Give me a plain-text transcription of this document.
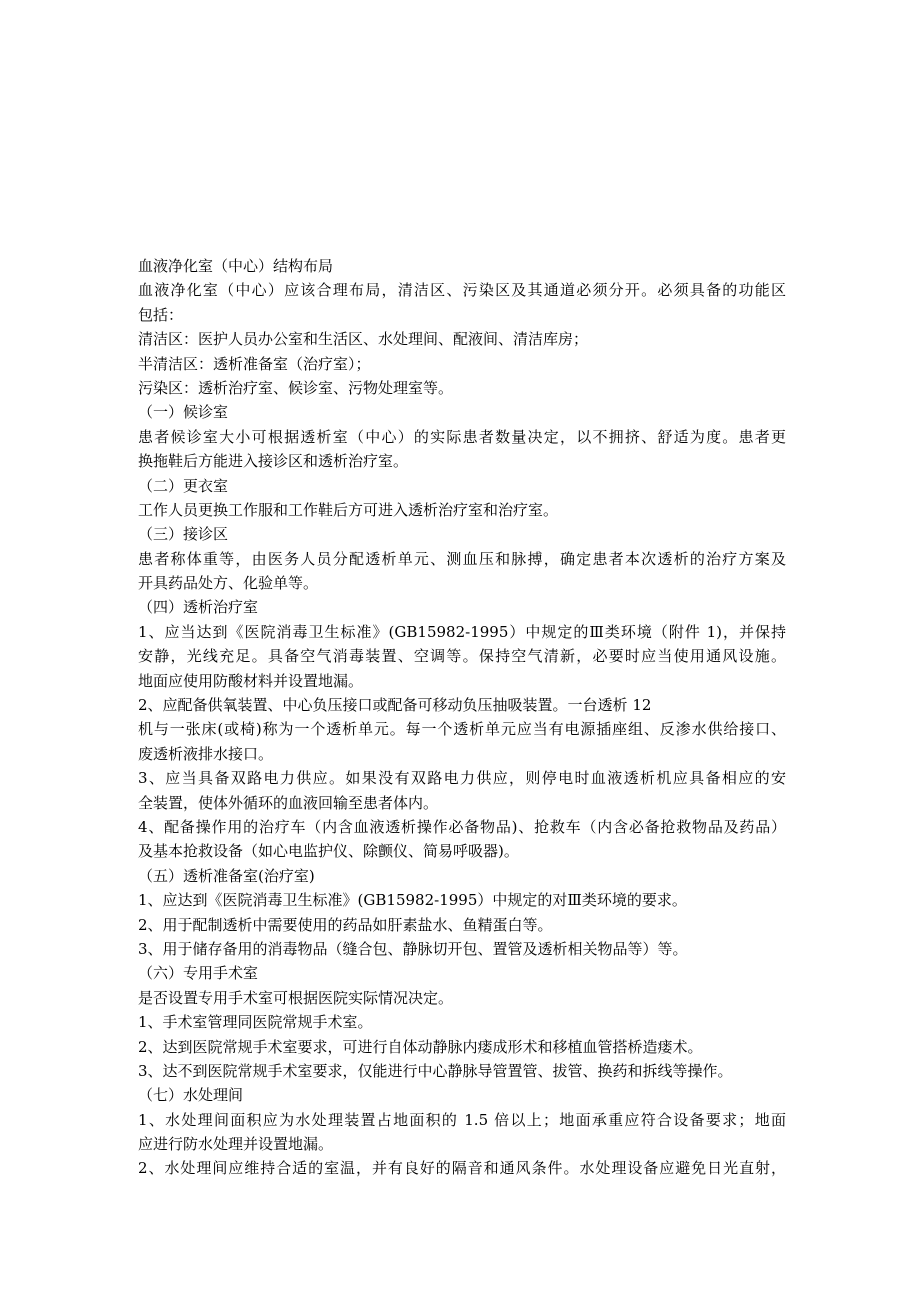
血液净化室（中心）结构布局
血液净化室（中心）应该合理布局，清洁区、污染区及其通道必须分开。必须具备的功能区
包括：
清洁区：医护人员办公室和生活区、水处理间、配液间、清洁库房；
半清洁区：透析准备室（治疗室）；
污染区：透析治疗室、候诊室、污物处理室等。
（一）候诊室
患者候诊室大小可根据透析室（中心）的实际患者数量决定，以不拥挤、舒适为度。患者更
换拖鞋后方能进入接诊区和透析治疗室。
（二）更衣室
工作人员更换工作服和工作鞋后方可进入透析治疗室和治疗室。
（三）接诊区
患者称体重等，由医务人员分配透析单元、测血压和脉搏，确定患者本次透析的治疗方案及
开具药品处方、化验单等。
（四）透析治疗室
1、应当达到《医院消毒卫生标准》(GB15982-1995）中规定的Ⅲ类环境（附件 1)，并保持
安静，光线充足。具备空气消毒装置、空调等。保持空气清新，必要时应当使用通风设施。
地面应使用防酸材料并设置地漏。
2、应配备供氧装置、中心负压接口或配备可移动负压抽吸装置。一台透析 12
机与一张床(或椅)称为一个透析单元。每一个透析单元应当有电源插座组、反渗水供给接口、
废透析液排水接口。
3、应当具备双路电力供应。如果没有双路电力供应，则停电时血液透析机应具备相应的安
全装置，使体外循环的血液回输至患者体内。
4、配备操作用的治疗车（内含血液透析操作必备物品)、抢救车（内含必备抢救物品及药品）
及基本抢救设备（如心电监护仪、除颤仪、简易呼吸器)。
（五）透析准备室(治疗室)
1、应达到《医院消毒卫生标准》(GB15982-1995）中规定的对Ⅲ类环境的要求。
2、用于配制透析中需要使用的药品如肝素盐水、鱼精蛋白等。
3、用于储存备用的消毒物品（缝合包、静脉切开包、置管及透析相关物品等）等。
（六）专用手术室
是否设置专用手术室可根据医院实际情况决定。
1、手术室管理同医院常规手术室。
2、达到医院常规手术室要求，可进行自体动静脉内瘘成形术和移植血管搭桥造瘘术。
3、达不到医院常规手术室要求，仅能进行中心静脉导管置管、拔管、换药和拆线等操作。
（七）水处理间
1、水处理间面积应为水处理装置占地面积的 1.5 倍以上；地面承重应符合设备要求；地面
应进行防水处理并设置地漏。
2、水处理间应维持合适的室温，并有良好的隔音和通风条件。水处理设备应避免日光直射，
